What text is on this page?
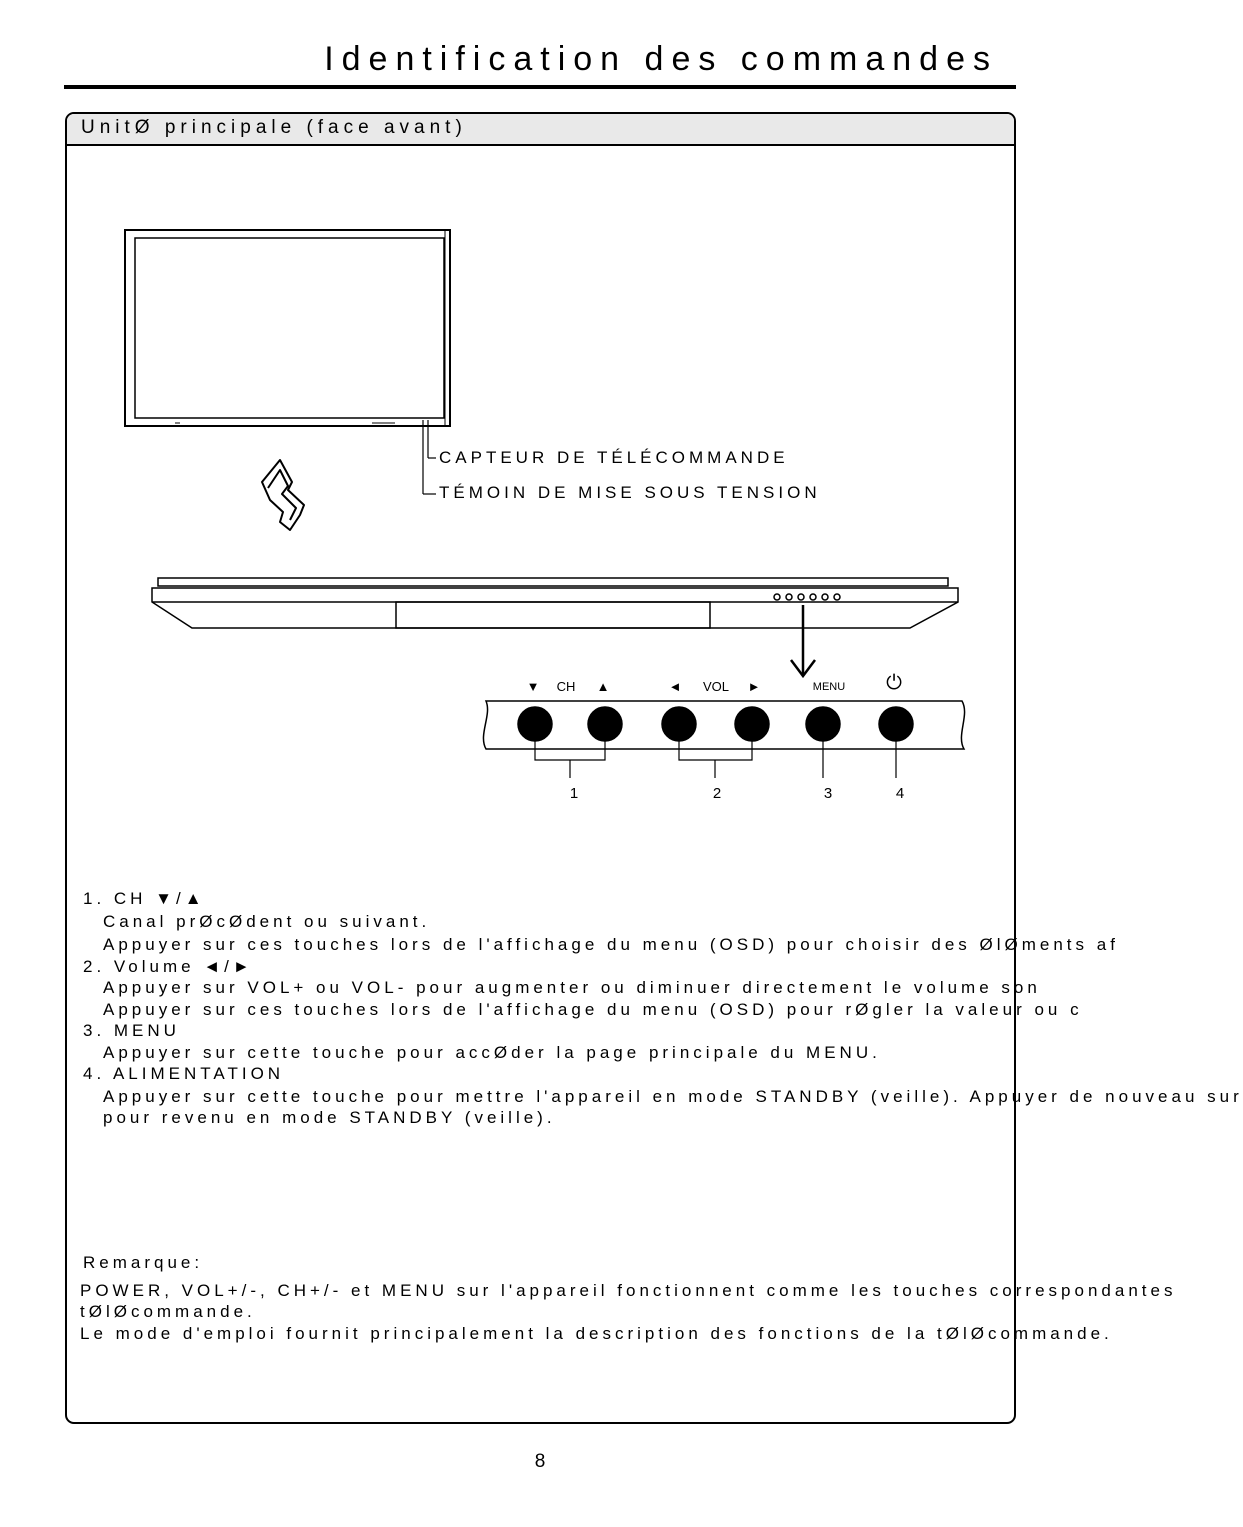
Identification des commandes
UnitØ principale (face avant)
CAPTEUR DE TÉLÉCOMMANDE
TÉMOIN DE MISE SOUS TENSION
▼ CH ▲	◄ VOL ►	MENU ⏻
1	2	3	4
1. CH ▼/▲
Canal prØcØdent ou suivant.
Appuyer sur ces touches lors de l'affichage du menu (OSD) pour choisir des ØlØments af
2. Volume ◄/►
Appuyer sur VOL+ ou VOL- pour augmenter ou diminuer directement le volume son
Appuyer sur ces touches lors de l'affichage du menu (OSD) pour rØgler la valeur ou c
3. MENU
Appuyer sur cette touche pour accØder la page principale du MENU.
4. ALIMENTATION
Appuyer sur cette touche pour mettre l'appareil en mode STANDBY (veille). Appuyer de nouveau sur
pour revenu en mode STANDBY (veille).
Remarque:
POWER, VOL+/-, CH+/- et MENU sur l'appareil fonctionnent comme les touches correspondantes
tØlØcommande.
Le mode d'emploi fournit principalement la description des fonctions de la tØlØcommande.
8
